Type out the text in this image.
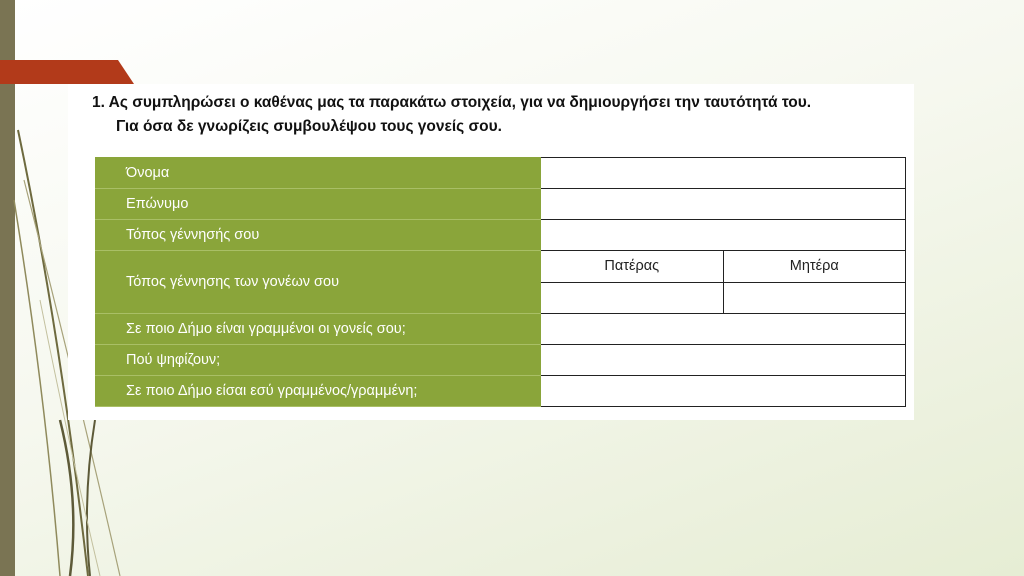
1. Ας συμπληρώσει ο καθένας μας τα παρακάτω στοιχεία, για να δημιουργήσει την ταυτότητά του.
Για όσα δε γνωρίζεις συμβουλέψου τους γονείς σου.
Όνομα		
Επώνυμο		
Τόπος γέννησής σου		
Τόπος γέννησης των γονέων σου	Πατέρας	Μητέρα

Σε ποιο Δήμο είναι γραμμένοι οι γονείς σου;		
Πού ψηφίζουν;		
Σε ποιο Δήμο είσαι εσύ γραμμένος/γραμμένη;		
